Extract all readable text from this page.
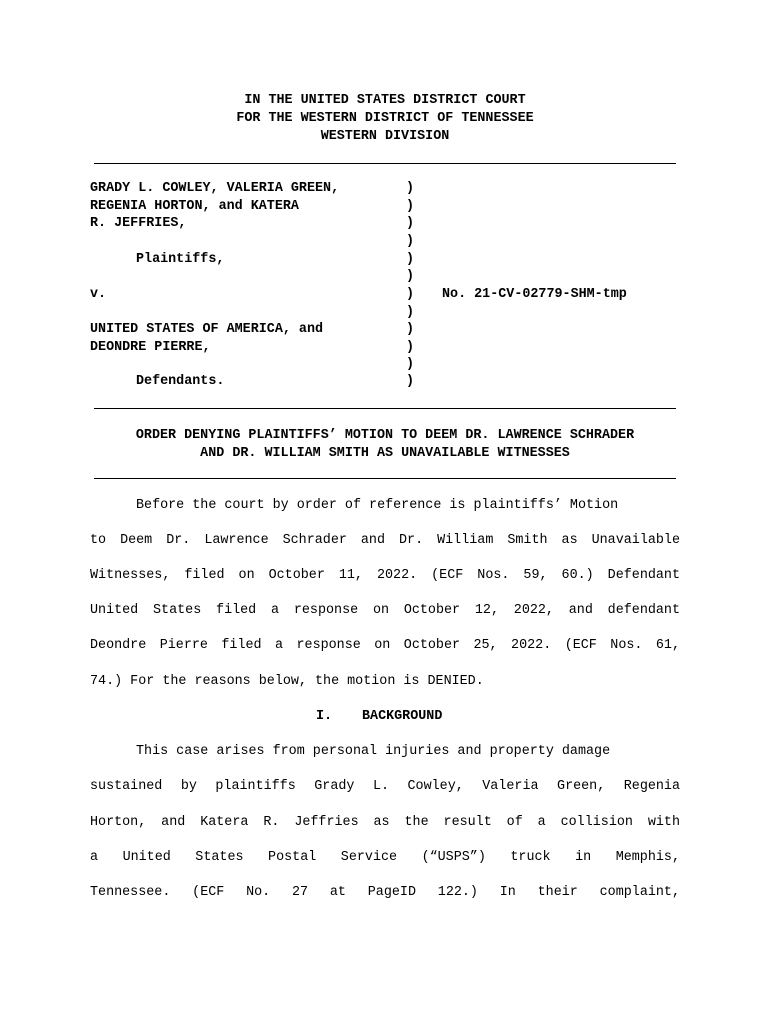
IN THE UNITED STATES DISTRICT COURT
FOR THE WESTERN DISTRICT OF TENNESSEE
WESTERN DIVISION
GRADY L. COWLEY, VALERIA GREEN,
REGENIA HORTON, and KATERA
R. JEFFRIES,
Plaintiffs,
v.
UNITED STATES OF AMERICA, and
DEONDRE PIERRE,
Defendants.
)
)
)
)
)
)
)
)
)
)
)
)
No. 21-CV-02779-SHM-tmp
ORDER DENYING PLAINTIFFS’ MOTION TO DEEM DR. LAWRENCE SCHRADER
AND DR. WILLIAM SMITH AS UNAVAILABLE WITNESSES
Before the court by order of reference is plaintiffs’ Motion
to Deem Dr. Lawrence Schrader and Dr. William Smith as Unavailable
Witnesses, filed on October 11, 2022. (ECF Nos. 59, 60.) Defendant
United States filed a response on October 12, 2022, and defendant
Deondre Pierre filed a response on October 25, 2022. (ECF Nos. 61,
74.) For the reasons below, the motion is DENIED.
I. BACKGROUND
This case arises from personal injuries and property damage
sustained by plaintiffs Grady L. Cowley, Valeria Green, Regenia
Horton, and Katera R. Jeffries as the result of a collision with
a United States Postal Service (“USPS”) truck in Memphis,
Tennessee. (ECF No. 27 at PageID 122.) In their complaint,
